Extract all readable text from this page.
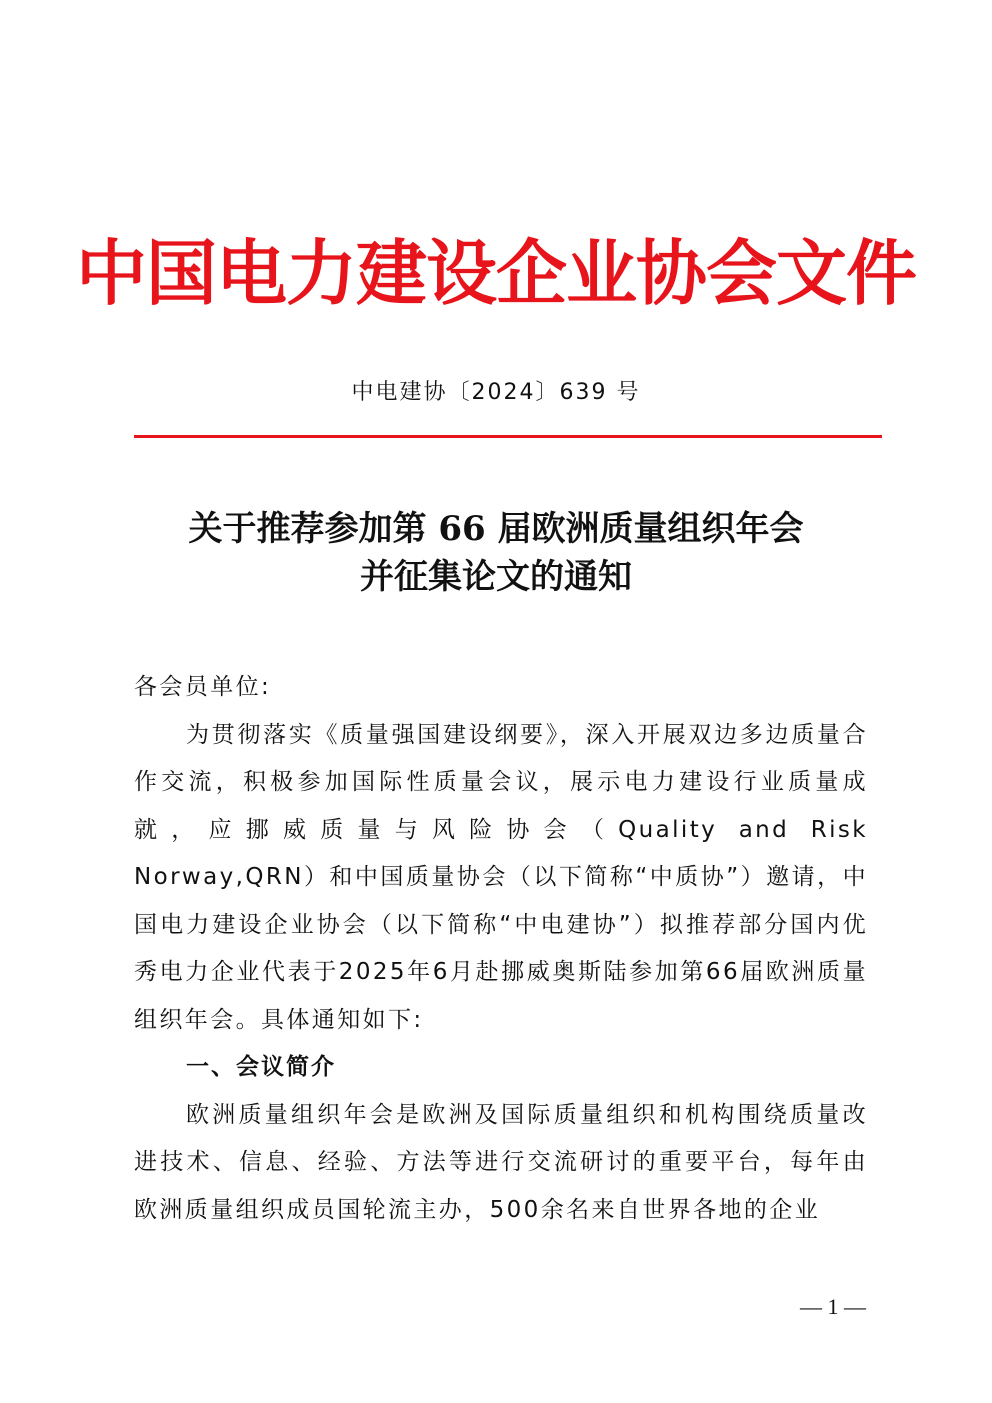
中国电力建设企业协会文件
中电建协〔2024〕639 号
关于推荐参加第 66 届欧洲质量组织年会
并征集论文的通知

各会员单位:

为贯彻落实《质量强国建设纲要》，深入开展双边多边质量合作交流，积极参加国际性质量会议，展示电力建设行业质量成就，应挪威质量与风险协会（Quality and Risk Norway,QRN）和中国质量协会（以下简称“中质协”）邀请，中国电力建设企业协会（以下简称“中电建协”）拟推荐部分国内优秀电力企业代表于2025年6月赴挪威奥斯陆参加第66届欧洲质量组织年会。具体通知如下:

一、会议简介

欧洲质量组织年会是欧洲及国际质量组织和机构围绕质量改进技术、信息、经验、方法等进行交流研讨的重要平台，每年由欧洲质量组织成员国轮流主办，500余名来自世界各地的企业

— 1 —
